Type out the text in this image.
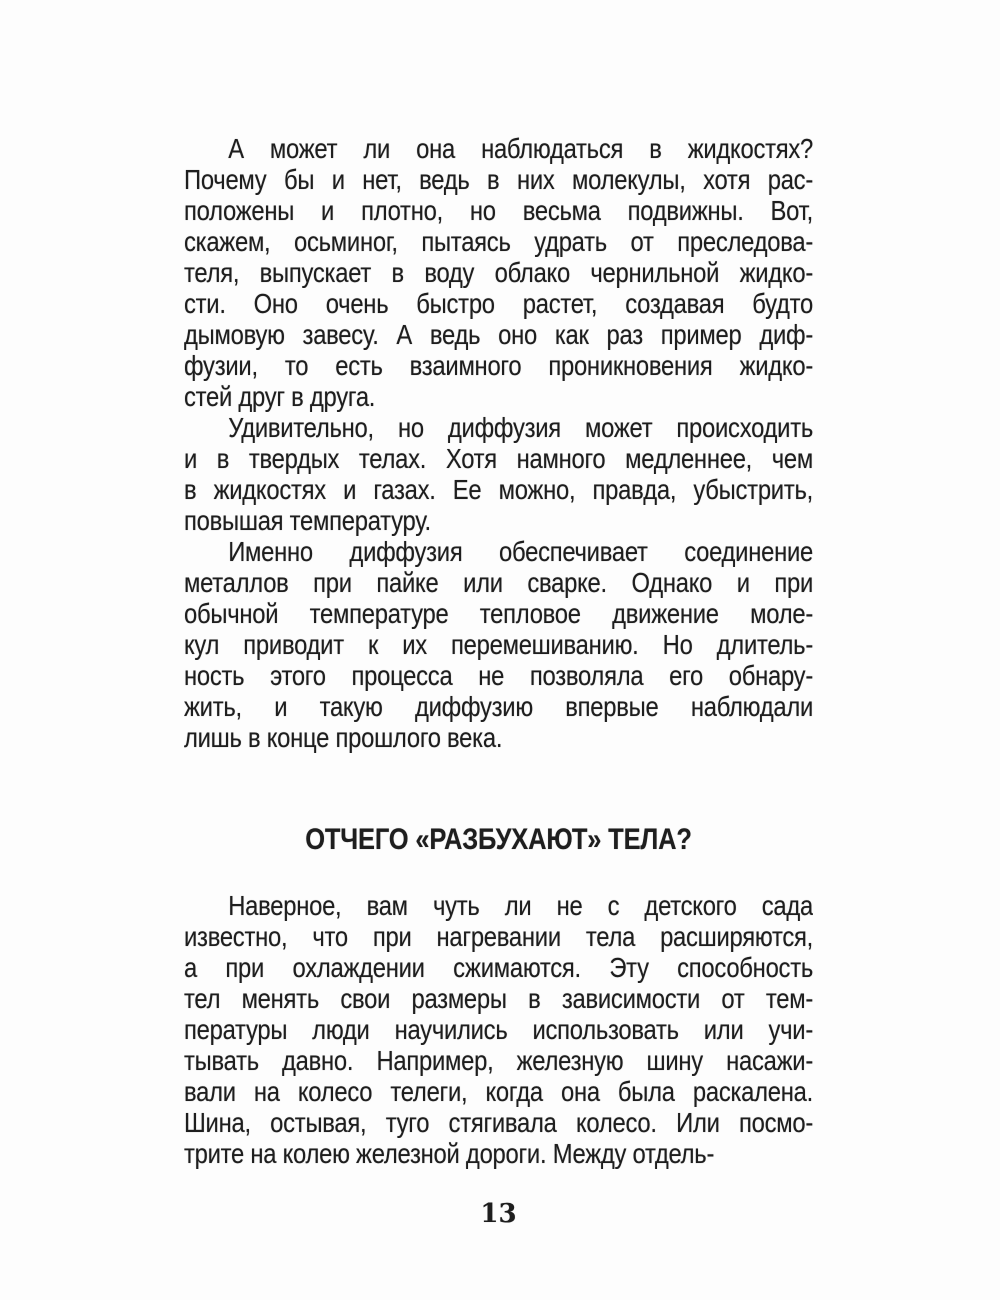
А может ли она наблюдаться в жидкостях?
Почему бы и нет, ведь в них молекулы, хотя рас-
положены и плотно, но весьма подвижны. Вот,
скажем, осьминог, пытаясь удрать от преследова-
теля, выпускает в воду облако чернильной жидко-
сти. Оно очень быстро растет, создавая будто
дымовую завесу. А ведь оно как раз пример диф-
фузии, то есть взаимного проникновения жидко-
стей друг в друга.
Удивительно, но диффузия может происходить
и в твердых телах. Хотя намного медленнее, чем
в жидкостях и газах. Ее можно, правда, убыстрить,
повышая температуру.
Именно диффузия обеспечивает соединение
металлов при пайке или сварке. Однако и при
обычной температуре тепловое движение моле-
кул приводит к их перемешиванию. Но длитель-
ность этого процесса не позволяла его обнару-
жить, и такую диффузию впервые наблюдали
лишь в конце прошлого века.
ОТЧЕГО «РАЗБУХАЮТ» ТЕЛА?
Наверное, вам чуть ли не с детского сада
известно, что при нагревании тела расширяются,
а при охлаждении сжимаются. Эту способность
тел менять свои размеры в зависимости от тем-
пературы люди научились использовать или учи-
тывать давно. Например, железную шину насажи-
вали на колесо телеги, когда она была раскалена.
Шина, остывая, туго стягивала колесо. Или посмо-
трите на колею железной дороги. Между отдель-
13
